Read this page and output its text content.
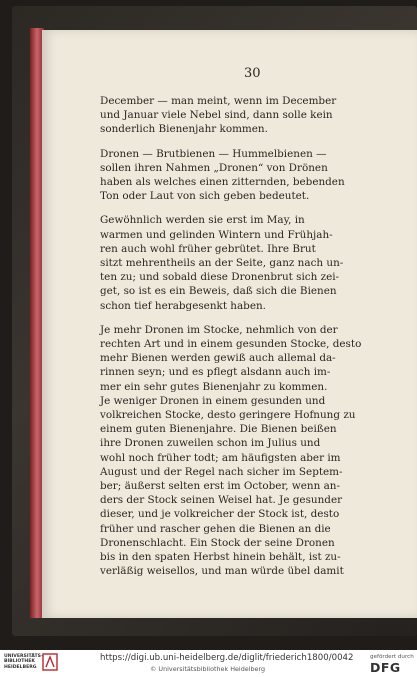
30
December — man meint, wenn im December
und Januar viele Nebel sind, dann solle kein
sonderlich Bienenjahr kommen.
Dronen — Brutbienen — Hummelbienen —
sollen ihren Nahmen „Dronen“ von Drönen
haben als welches einen zitternden, bebenden
Ton oder Laut von sich geben bedeutet.
Gewöhnlich werden sie erst im May, in
warmen und gelinden Wintern und Frühjah-
ren auch wohl früher gebrütet. Ihre Brut
sitzt mehrentheils an der Seite, ganz nach un-
ten zu; und sobald diese Dronenbrut sich zei-
get, so ist es ein Beweis, daß sich die Bienen
schon tief herabgesenkt haben.
Je mehr Dronen im Stocke, nehmlich von der
rechten Art und in einem gesunden Stocke, desto
mehr Bienen werden gewiß auch allemal da-
rinnen seyn; und es pflegt alsdann auch im-
mer ein sehr gutes Bienenjahr zu kommen.
Je weniger Dronen in einem gesunden und
volkreichen Stocke, desto geringere Hofnung zu
einem guten Bienenjahre. Die Bienen beißen
ihre Dronen zuweilen schon im Julius und
wohl noch früher todt; am häufigsten aber im
August und der Regel nach sicher im Septem-
ber; äußerst selten erst im October, wenn an-
ders der Stock seinen Weisel hat. Je gesunder
dieser, und je volkreicher der Stock ist, desto
früher und rascher gehen die Bienen an die
Dronenschlacht. Ein Stock der seine Dronen
bis in den spaten Herbst hinein behält, ist zu-
verläßig weisellos, und man würde übel damit
UNIVERSITÄTS-
BIBLIOTHEK
HEIDELBERG
https://digi.ub.uni-heidelberg.de/diglit/friederich1800/0042
© Universitätsbibliothek Heidelberg
gefördert durch
DFG
